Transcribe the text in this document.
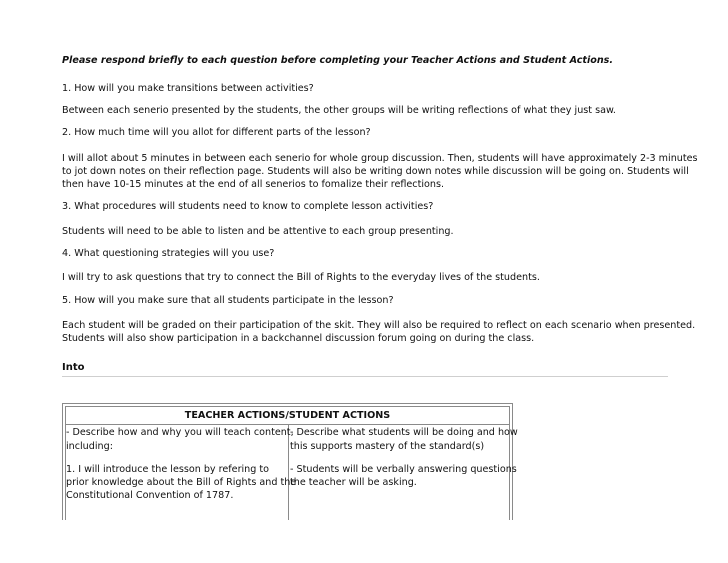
Please respond briefly to each question before completing your Teacher Actions and Student Actions.
1. How will you make transitions between activities?
Between each senerio presented by the students, the other groups will be writing reflections of what they just saw.
2. How much time will you allot for different parts of the lesson?
I will allot about 5 minutes in between each senerio for whole group discussion. Then, students will have approximately 2-3 minutes
to jot down notes on their reflection page. Students will also be writing down notes while discussion will be going on. Students will
then have 10-15 minutes at the end of all senerios to fomalize their reflections.
3. What procedures will students need to know to complete lesson activities?
Students will need to be able to listen and be attentive to each group presenting.
4. What questioning strategies will you use?
I will try to ask questions that try to connect the Bill of Rights to the everyday lives of the students.
5. How will you make sure that all students participate in the lesson?
Each student will be graded on their participation of the skit. They will also be required to reflect on each scenario when presented.
Students will also show participation in a backchannel discussion forum going on during the class.
Into
TEACHER ACTIONS/STUDENT ACTIONS
- Describe how and why you will teach content,
including:
1. I will introduce the lesson by refering to
prior knowledge about the Bill of Rights and the
Constitutional Convention of 1787.
- Describe what students will be doing and how
this supports mastery of the standard(s)
- Students will be verbally answering questions
the teacher will be asking.
